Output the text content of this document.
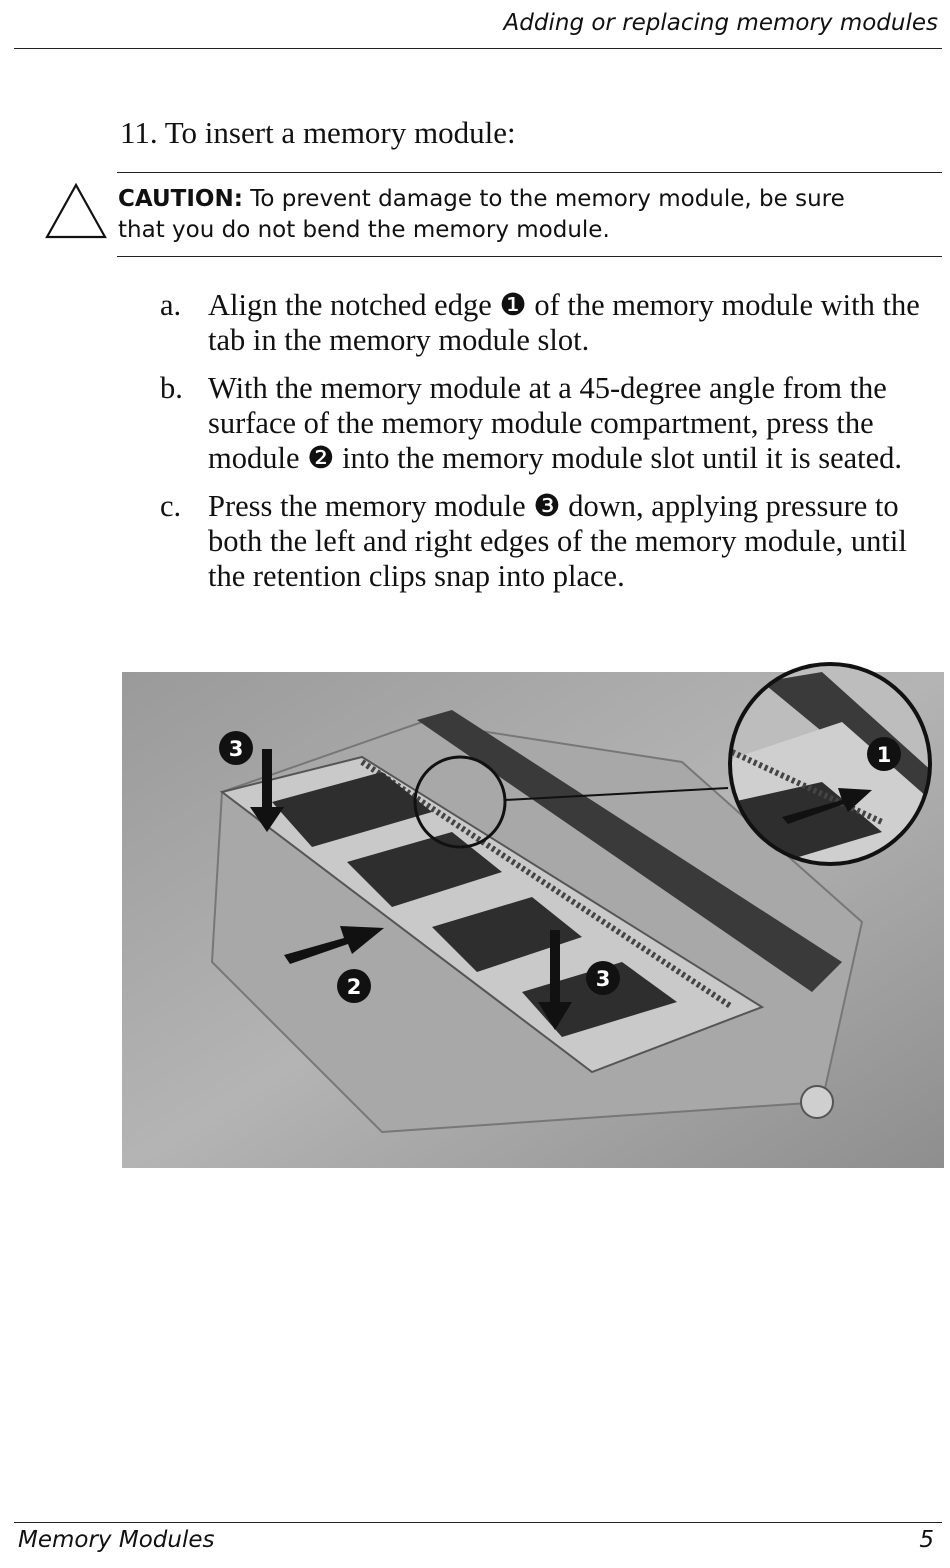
Adding or replacing memory modules
11. To insert a memory module:
CAUTION: To prevent damage to the memory module, be sure that you do not bend the memory module.
a. Align the notched edge ❶ of the memory module with the tab in the memory module slot.
b. With the memory module at a 45-degree angle from the surface of the memory module compartment, press the module ❷ into the memory module slot until it is seated.
c. Press the memory module ❸ down, applying pressure to both the left and right edges of the memory module, until the retention clips snap into place.
1
2
3
3
Memory Modules	5
